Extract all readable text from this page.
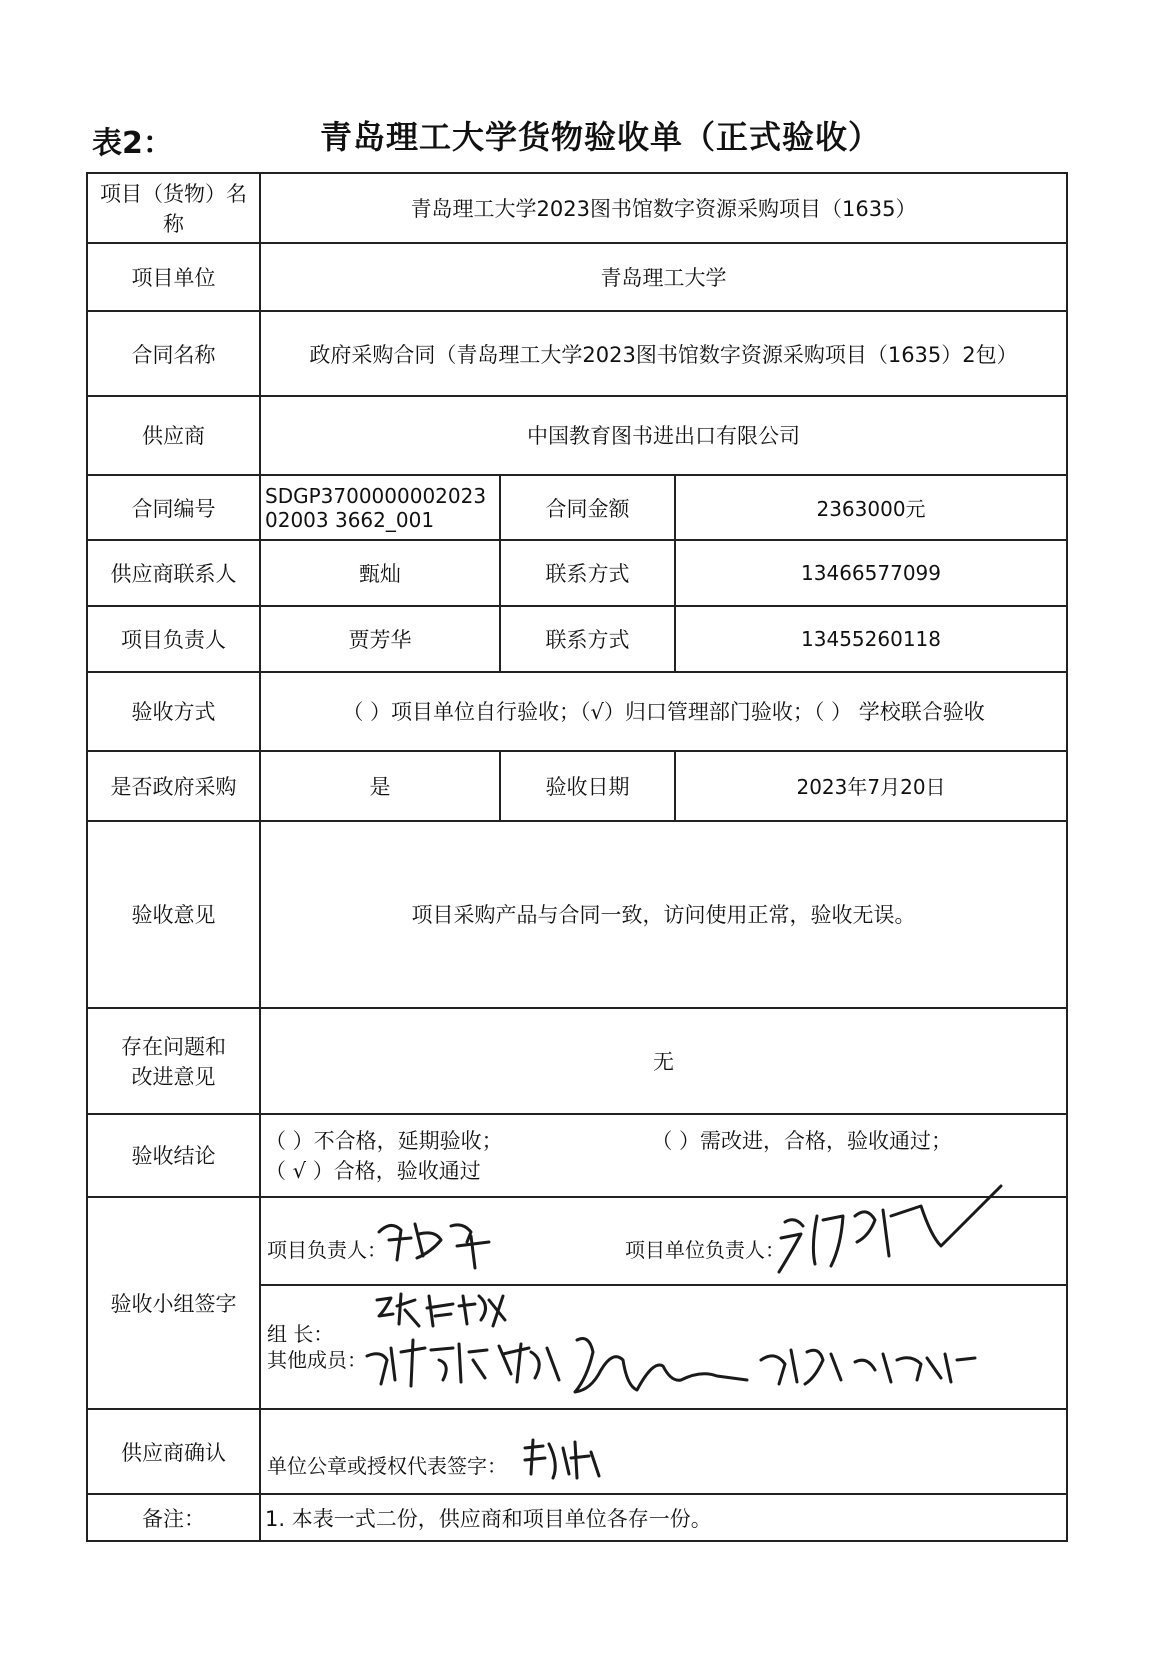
表2：	青岛理工大学货物验收单（正式验收）
项目（货物）名称	青岛理工大学2023图书馆数字资源采购项目（1635）		
项目单位	青岛理工大学		
合同名称	政府采购合同（青岛理工大学2023图书馆数字资源采购项目（1635）2包）		
供应商	中国教育图书进出口有限公司		
合同编号	SDGP370000000202302003 3662_001	合同金额	2363000元
供应商联系人	甄灿	联系方式	13466577099
项目负责人	贾芳华	联系方式	13455260118
验收方式	（ ）项目单位自行验收；（√）归口管理部门验收；（ ） 学校联合验收		
是否政府采购	是	验收日期	2023年7月20日
验收意见	项目采购产品与合同一致，访问使用正常，验收无误。		

存在问题和
改进意见	无		
验收结论	（ ）不合格，延期验收； （ ）需改进，合格，验收通过；
（ √ ）合格，验收通过		

验收小组签字	项目负责人： 项目单位负责人：
组 长：
其他成员：		

供应商确认	单位公章或授权代表签字：		

备注：	1. 本表一式二份，供应商和项目单位各存一份。		
